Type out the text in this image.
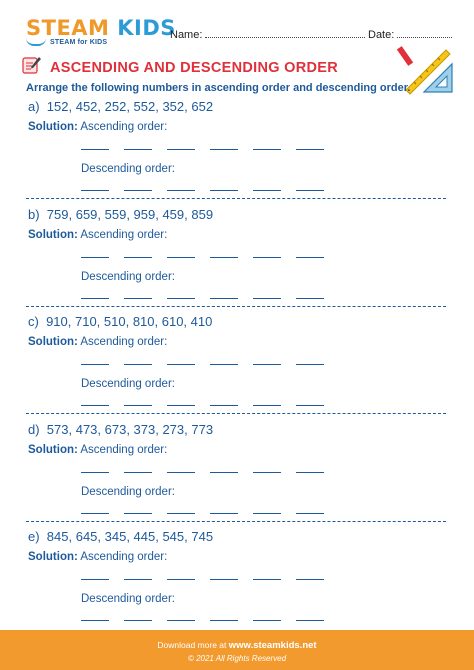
STEAM KIDS
STEAM for KIDS
Name:	Date:
ASCENDING AND DESCENDING ORDER
Arrange the following numbers in ascending order and descending order.
a) 152, 452, 252, 552, 352, 652
Solution: Ascending order:
Descending order:
b) 759, 659, 559, 959, 459, 859
Solution: Ascending order:
Descending order:
c) 910, 710, 510, 810, 610, 410
Solution: Ascending order:
Descending order:
d) 573, 473, 673, 373, 273, 773
Solution: Ascending order:
Descending order:
e) 845, 645, 345, 445, 545, 745
Solution: Ascending order:
Descending order:
Download more at www.steamkids.net
© 2021 All Rights Reserved
